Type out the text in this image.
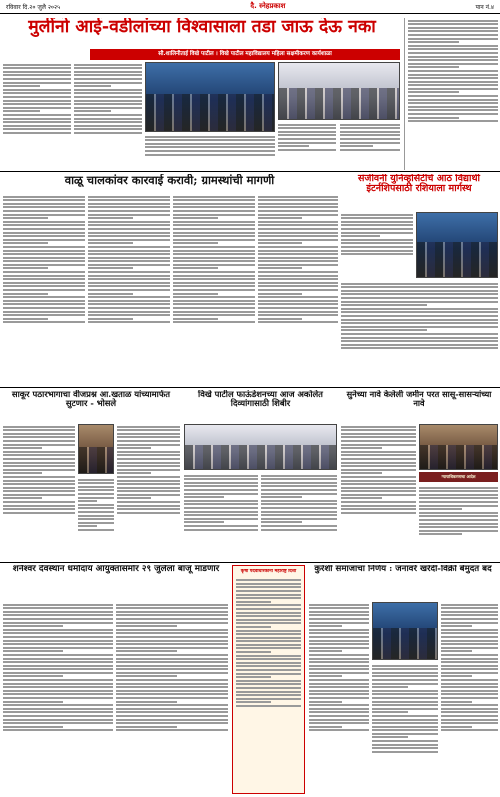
रविवार दि.२० जुलै २०२५	दै. स्नेहप्रकाश	पान नं.४
मुलींनो आई-वडीलांच्या विश्वासाला तडा जाऊ देऊ नका
सौ.शालिनीताई विखे पाटील । विखे पाटील महाविद्यालय महिला सक्षमीकरण कार्यशाळा
वाळू चालकांवर कारवाई करावी; ग्रामस्थांची मागणी	संजीवनी युनिव्हर्सिटीचे आठ विद्यार्थी इंटर्नशिपसाठी रशियाला मार्गस्थ
साकूर पठारभागाचा वीजप्रश्न आ.खताळ यांच्यामार्फत सुटणार - भोसले
विखे पाटील फाऊंडेशनच्या आज अकोलेत दिव्यांगासाठी शिबीर
सुनेच्या नावे केलेली जमीन परत सासू-सासऱ्यांच्या नावे
न्यायाधिकरणाचा आदेश
शनैश्वर देवस्थान धर्मादाय आयुक्तासमोर २९ जुलैला बाजू मांडणार	कृषी पदवीधारकांना महाराष्ट्र दिशा	कुरेशी समाजाचा निर्णय : जनावरे खरेदी-विक्री बेमुदत बंद
